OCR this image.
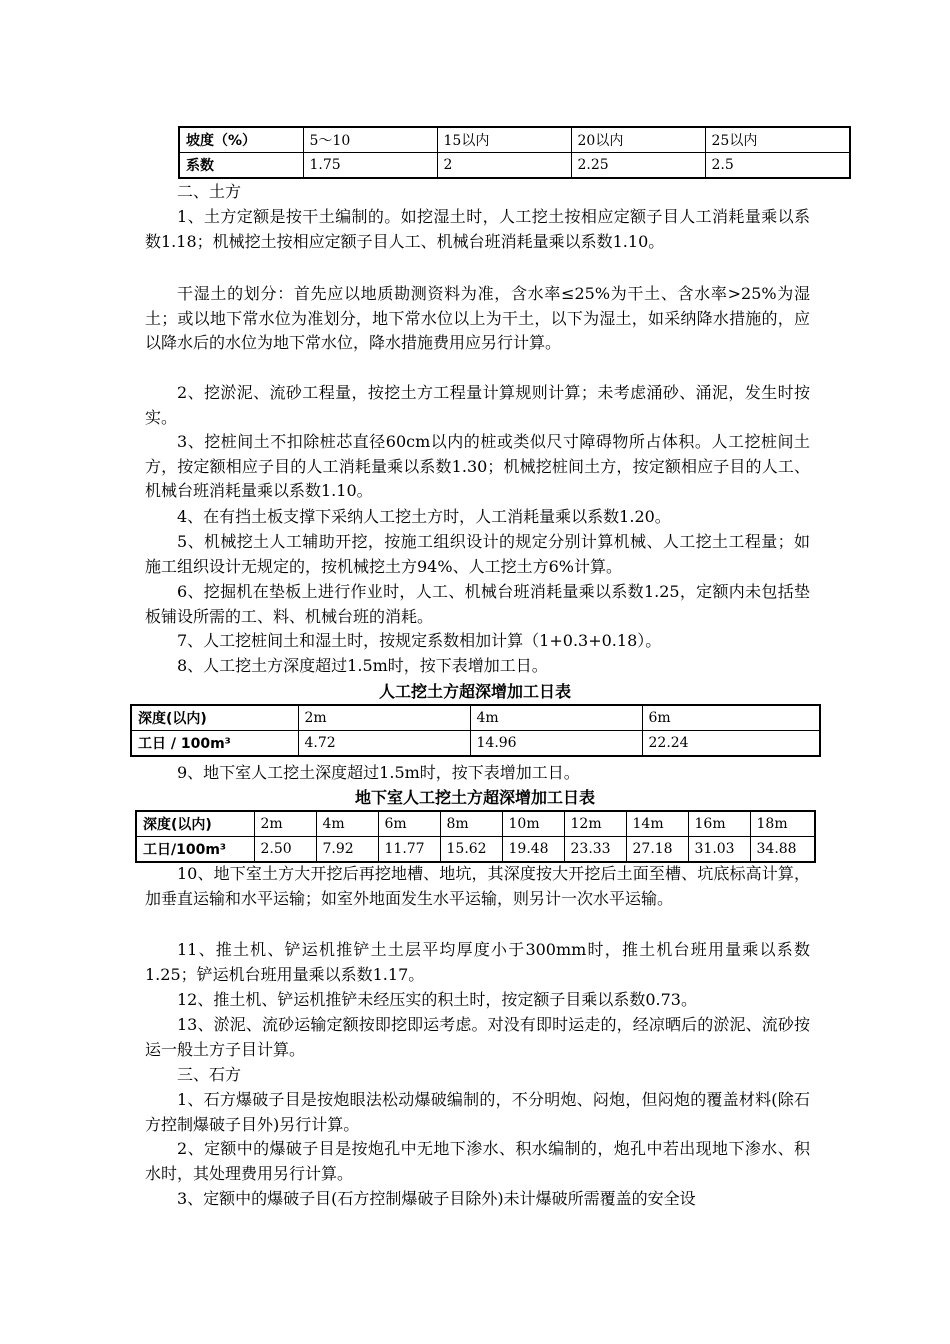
坡度（%）	5～10	15以内	20以内	25以内
系数	1.75	2	2.25	2.5

二、土方

1、土方定额是按干土编制的。如挖湿土时，人工挖土按相应定额子目人工消耗量乘以系数1.18；机械挖土按相应定额子目人工、机械台班消耗量乘以系数1.10。

干湿土的划分：首先应以地质勘测资料为准，含水率≤25%为干土、含水率>25%为湿土；或以地下常水位为准划分，地下常水位以上为干土，以下为湿土，如采纳降水措施的，应以降水后的水位为地下常水位，降水措施费用应另行计算。

2、挖淤泥、流砂工程量，按挖土方工程量计算规则计算；未考虑涌砂、涌泥，发生时按实。

3、挖桩间土不扣除桩芯直径60cm以内的桩或类似尺寸障碍物所占体积。人工挖桩间土方，按定额相应子目的人工消耗量乘以系数1.30；机械挖桩间土方，按定额相应子目的人工、机械台班消耗量乘以系数1.10。

4、在有挡土板支撑下采纳人工挖土方时，人工消耗量乘以系数1.20。

5、机械挖土人工辅助开挖，按施工组织设计的规定分别计算机械、人工挖土工程量；如施工组织设计无规定的，按机械挖土方94%、人工挖土方6%计算。

6、挖掘机在垫板上进行作业时，人工、机械台班消耗量乘以系数1.25，定额内未包括垫板铺设所需的工、料、机械台班的消耗。

7、人工挖桩间土和湿土时，按规定系数相加计算（1+0.3+0.18）。

8、人工挖土方深度超过1.5m时，按下表增加工日。

人工挖土方超深增加工日表
深度(以内)	2m	4m	6m
工日 / 100m³	4.72	14.96	22.24

9、地下室人工挖土深度超过1.5m时，按下表增加工日。

地下室人工挖土方超深增加工日表
深度(以内)	2m	4m	6m	8m	10m	12m	14m	16m	18m
工日/100m³	2.50	7.92	11.77	15.62	19.48	23.33	27.18	31.03	34.88

10、地下室土方大开挖后再挖地槽、地坑，其深度按大开挖后土面至槽、坑底标高计算，加垂直运输和水平运输；如室外地面发生水平运输，则另计一次水平运输。

11、推土机、铲运机推铲土土层平均厚度小于300mm时，推土机台班用量乘以系数1.25；铲运机台班用量乘以系数1.17。

12、推土机、铲运机推铲未经压实的积土时，按定额子目乘以系数0.73。

13、淤泥、流砂运输定额按即挖即运考虑。对没有即时运走的，经凉晒后的淤泥、流砂按运一般土方子目计算。

三、石方

1、石方爆破子目是按炮眼法松动爆破编制的，不分明炮、闷炮，但闷炮的覆盖材料(除石方控制爆破子目外)另行计算。

2、定额中的爆破子目是按炮孔中无地下渗水、积水编制的，炮孔中若出现地下渗水、积水时，其处理费用另行计算。

3、定额中的爆破子目(石方控制爆破子目除外)未计爆破所需覆盖的安全设
